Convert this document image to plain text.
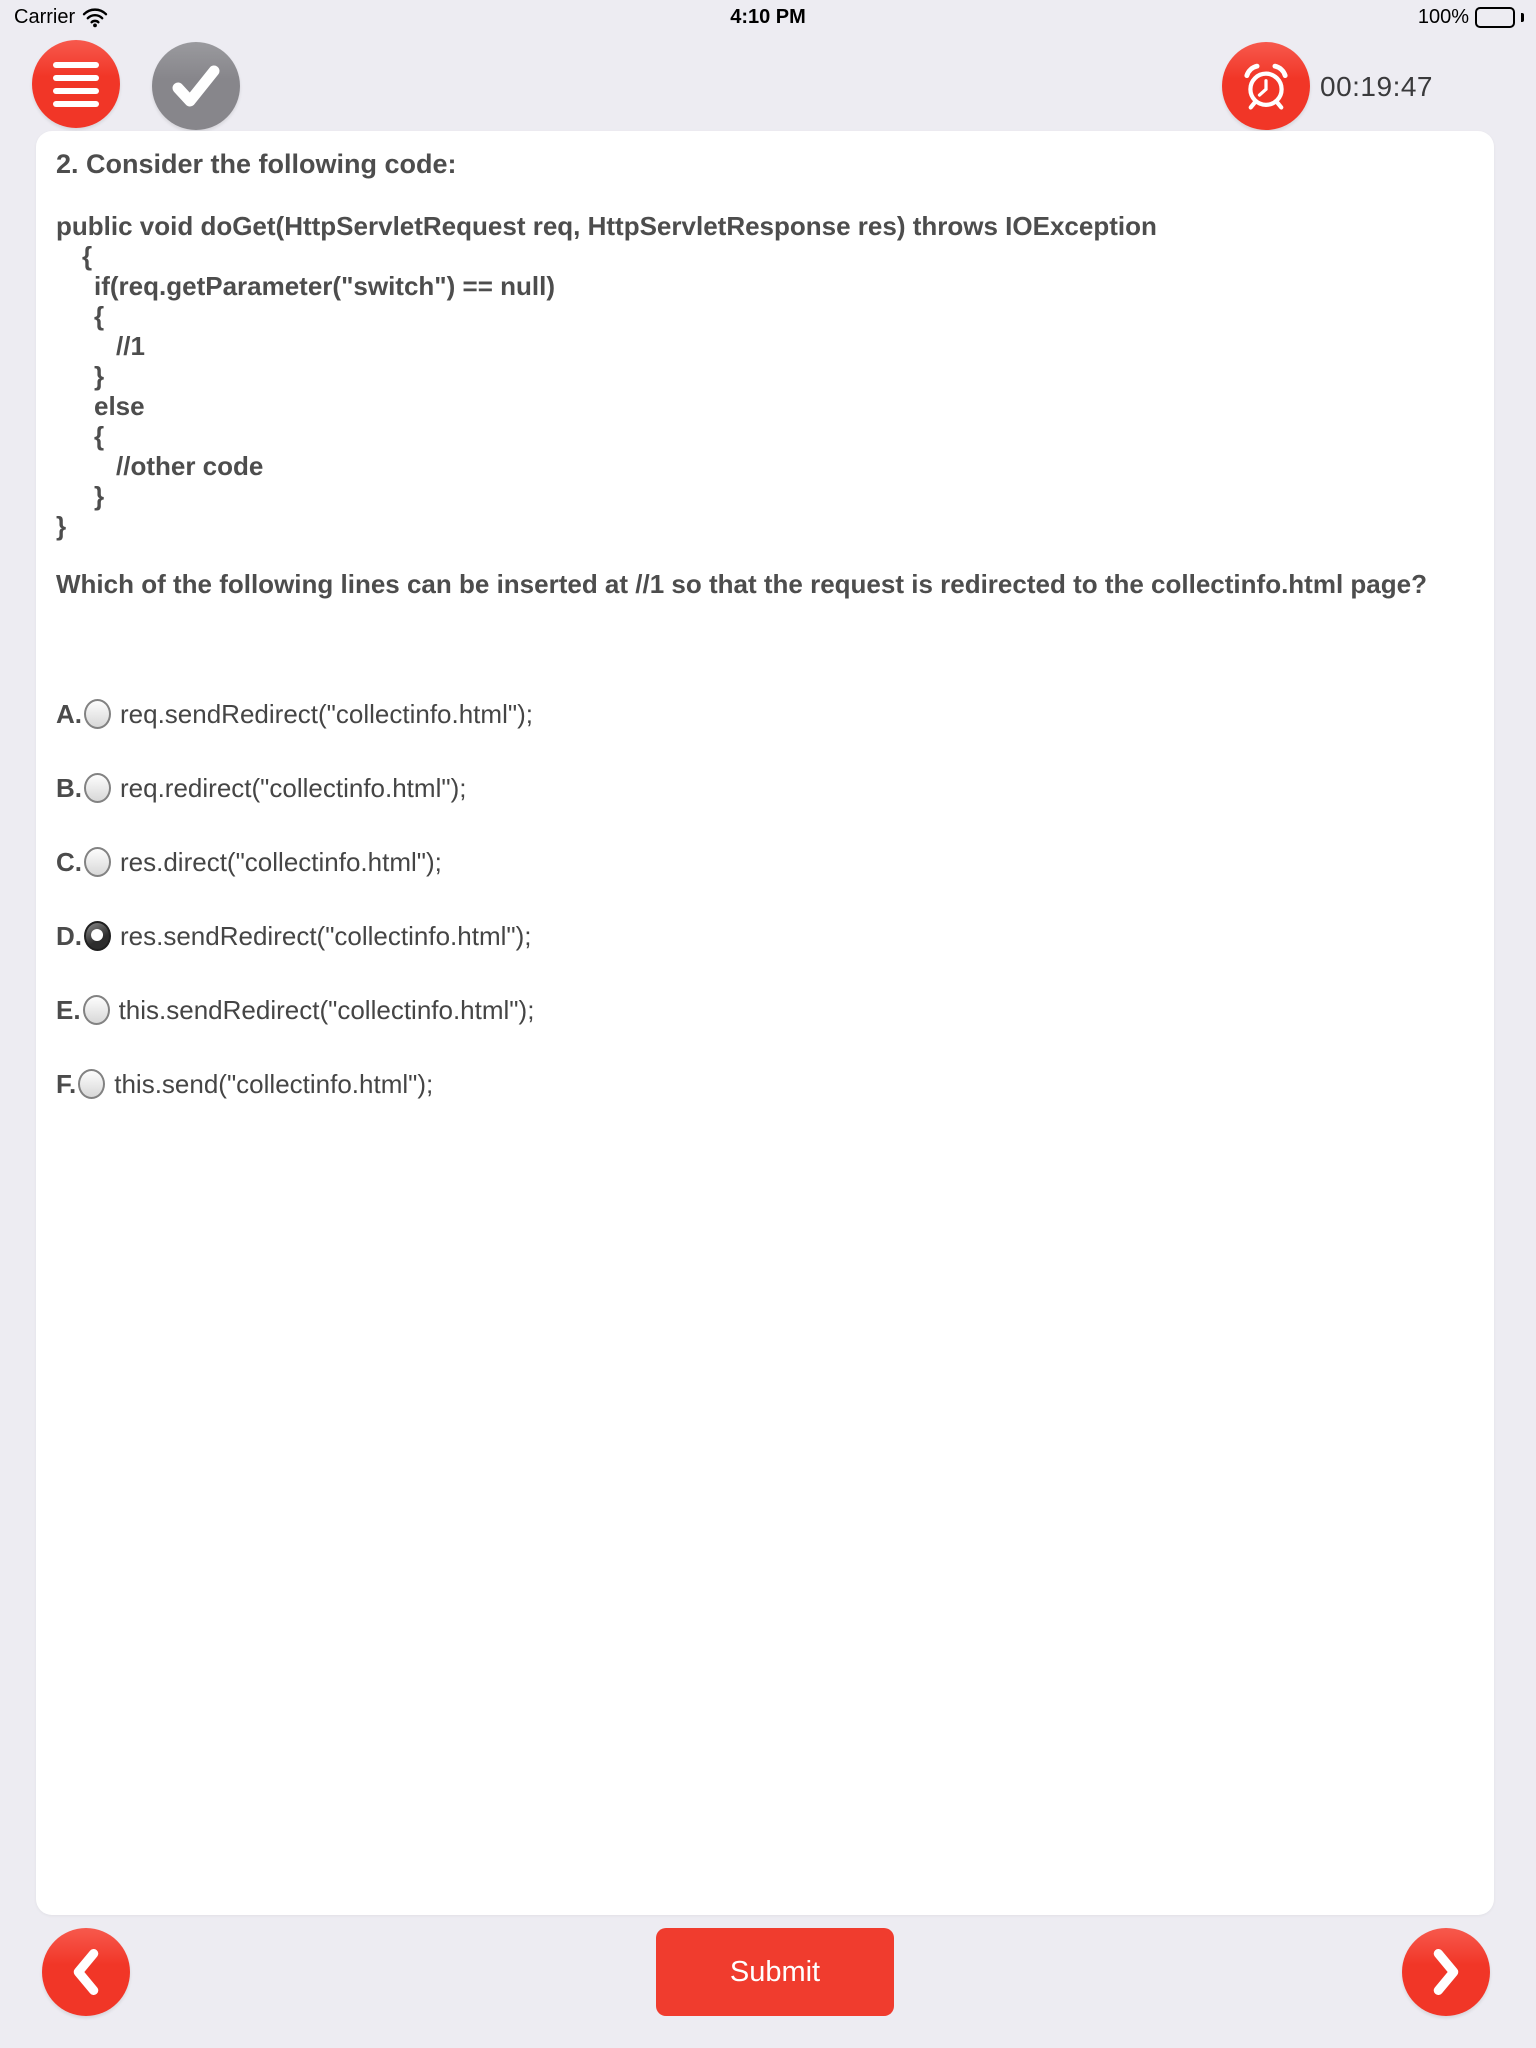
Carrier	4:10 PM	100%
00:19:47
2. Consider the following code:
public void doGet(HttpServletRequest req, HttpServletResponse res) throws IOException
{
if(req.getParameter("switch") == null)
{
//1
}
else
{
//other code
}
}
Which of the following lines can be inserted at //1 so that the request is redirected to the collectinfo.html page?
A. req.sendRedirect("collectinfo.html");
B. req.redirect("collectinfo.html");
C. res.direct("collectinfo.html");
D. res.sendRedirect("collectinfo.html");
E. this.sendRedirect("collectinfo.html");
F. this.send("collectinfo.html");
Submit
